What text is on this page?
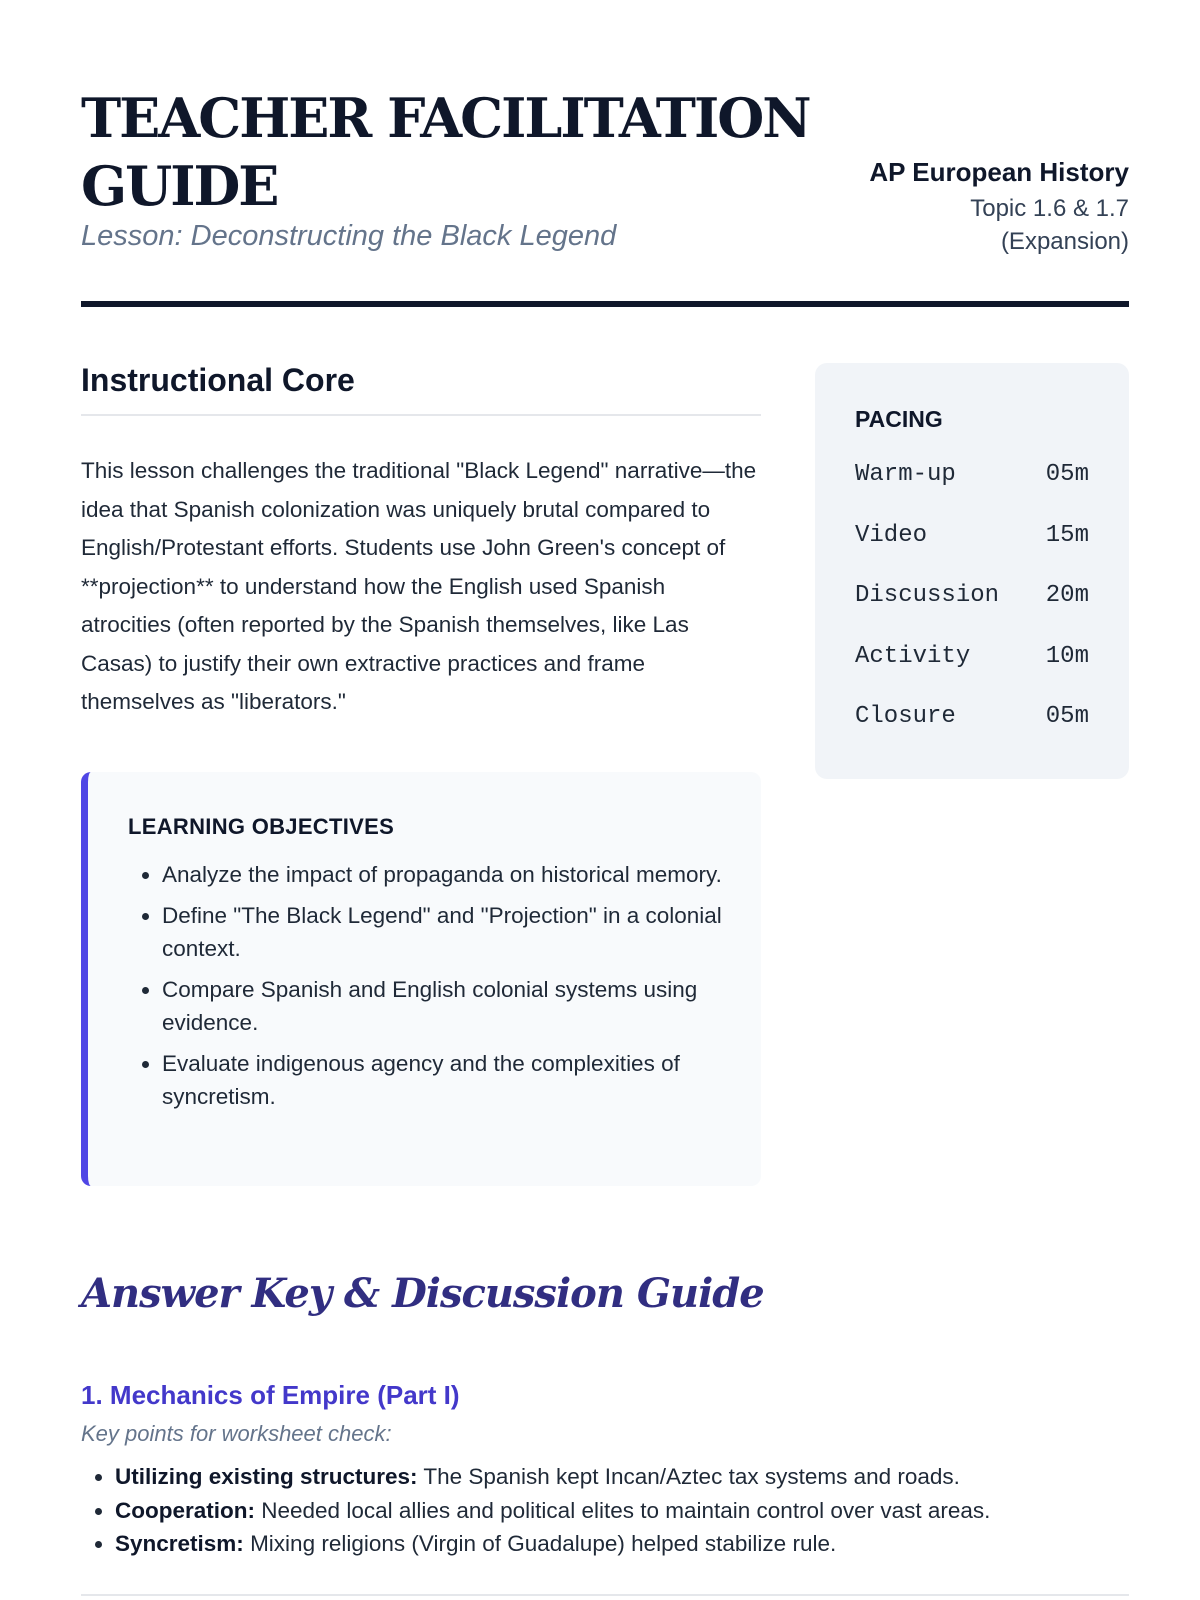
TEACHER FACILITATION GUIDE
Lesson: Deconstructing the Black Legend
AP European History
Topic 1.6 & 1.7 (Expansion)
Instructional Core

This lesson challenges the traditional "Black Legend" narrative—the idea that Spanish colonization was uniquely brutal compared to English/Protestant efforts. Students use John Green's concept of **projection** to understand how the English used Spanish atrocities (often reported by the Spanish themselves, like Las Casas) to justify their own extractive practices and frame themselves as "liberators."

LEARNING OBJECTIVES
• Analyze the impact of propaganda on historical memory.
• Define "The Black Legend" and "Projection" in a colonial context.
• Compare Spanish and English colonial systems using evidence.
• Evaluate indigenous agency and the complexities of syncretism.
PACING
Warm-up	05m
Video	15m
Discussion 20m
Activity	10m
Closure	05m
Answer Key & Discussion Guide
1. Mechanics of Empire (Part I)
Key points for worksheet check:
• Utilizing existing structures: The Spanish kept Incan/Aztec tax systems and roads.
• Cooperation: Needed local allies and political elites to maintain control over vast areas.
• Syncretism: Mixing religions (Virgin of Guadalupe) helped stabilize rule.
